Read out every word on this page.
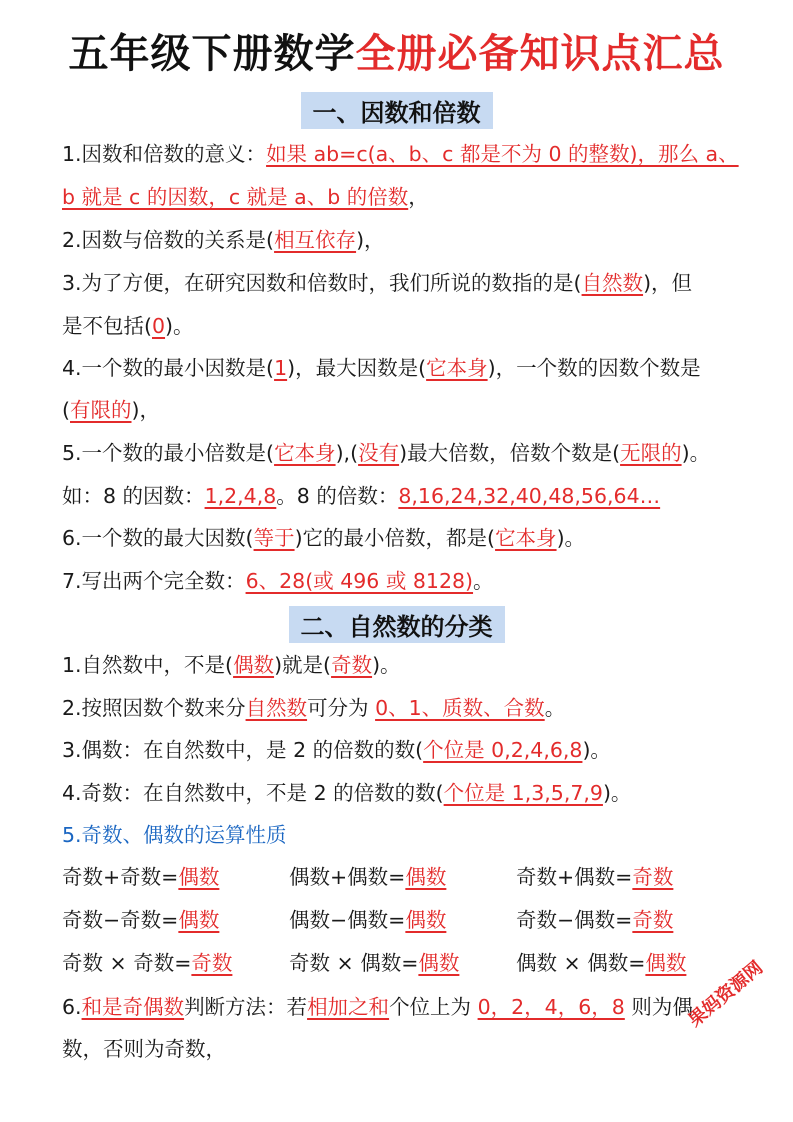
五年级下册数学全册必备知识点汇总
一、因数和倍数
1.因数和倍数的意义：如果 ab=c(a、b、c 都是不为 0 的整数)，那么 a、
b 就是 c 的因数，c 就是 a、b 的倍数，
2.因数与倍数的关系是(相互依存)，
3.为了方便，在研究因数和倍数时，我们所说的数指的是(自然数)，但
是不包括(0)。
4.一个数的最小因数是(1)，最大因数是(它本身)，一个数的因数个数是
(有限的)，
5.一个数的最小倍数是(它本身),(没有)最大倍数，倍数个数是(无限的)。
如：8 的因数：1,2,4,8。8 的倍数：8,16,24,32,40,48,56,64…
6.一个数的最大因数(等于)它的最小倍数，都是(它本身)。
7.写出两个完全数：6、28(或 496 或 8128)。
二、自然数的分类
1.自然数中，不是(偶数)就是(奇数)。
2.按照因数个数来分自然数可分为 0、1、质数、合数。
3.偶数：在自然数中，是 2 的倍数的数(个位是 0,2,4,6,8)。
4.奇数：在自然数中，不是 2 的倍数的数(个位是 1,3,5,7,9)。
5.奇数、偶数的运算性质
奇数+奇数=偶数	偶数+偶数=偶数	奇数+偶数=奇数
奇数−奇数=偶数	偶数−偶数=偶数	奇数−偶数=奇数
奇数 × 奇数=奇数	奇数 × 偶数=偶数	偶数 × 偶数=偶数
6.和是奇偶数判断方法：若相加之和个位上为 0，2，4，6，8 则为偶
数，否则为奇数，
果妈资源网
